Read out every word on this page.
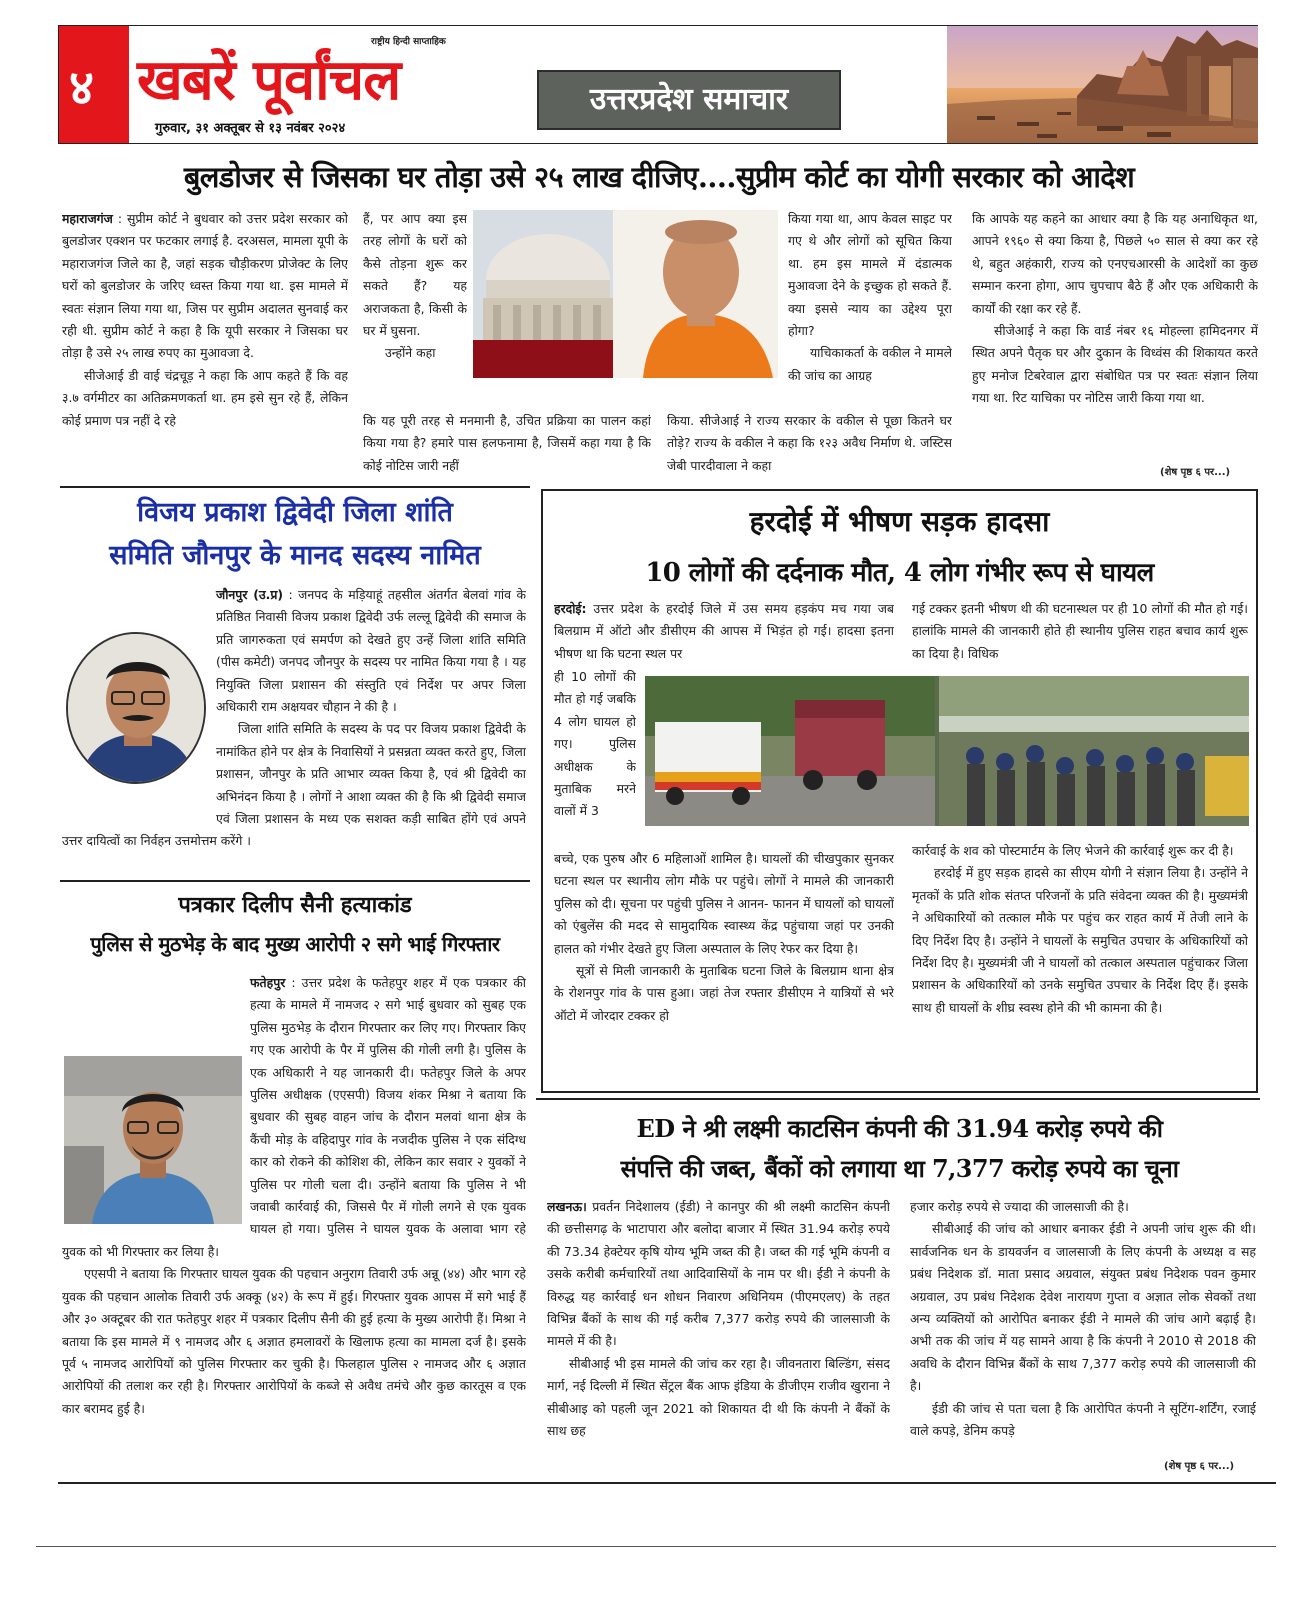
४
राष्ट्रीय हिन्दी साप्ताहिक
खबरें पूर्वांचल
गुरुवार, ३१ अक्तूबर से १३ नवंबर २०२४
उत्तरप्रदेश समाचार
बुलडोजर से जिसका घर तोड़ा उसे २५ लाख दीजिए....सुप्रीम कोर्ट का योगी सरकार को आदेश

महाराजगंज : सुप्रीम कोर्ट ने बुधवार को उत्तर प्रदेश सरकार को बुलडोजर एक्शन पर फटकार लगाई है. दरअसल, मामला यूपी के महाराजगंज जिले का है, जहां सड़क चौड़ीकरण प्रोजेक्ट के लिए घरों को बुलडोजर के जरिए ध्वस्त किया गया था. इस मामले में स्वतः संज्ञान लिया गया था, जिस पर सुप्रीम अदालत सुनवाई कर रही थी. सुप्रीम कोर्ट ने कहा है कि यूपी सरकार ने जिसका घर तोड़ा है उसे २५ लाख रुपए का मुआवजा दे.

सीजेआई डी वाई चंद्रचूड़ ने कहा कि आप कहते हैं कि वह ३.७ वर्गमीटर का अतिक्रमणकर्ता था. हम इसे सुन रहे हैं, लेकिन कोई प्रमाण पत्र नहीं दे रहे

हैं, पर आप क्या इस तरह लोगों के घरों को कैसे तोड़ना शुरू कर सकते हैं? यह अराजकता है, किसी के घर में घुसना.

उन्होंने कहा

कि यह पूरी तरह से मनमानी है, उचित प्रक्रिया का पालन कहां किया गया है? हमारे पास हलफनामा है, जिसमें कहा गया है कि कोई नोटिस जारी नहीं

किया गया था, आप केवल साइट पर गए थे और लोगों को सूचित किया था. हम इस मामले में दंडात्मक मुआवजा देने के इच्छुक हो सकते हैं. क्या इससे न्याय का उद्देश्य पूरा होगा?

याचिकाकर्ता के वकील ने मामले की जांच का आग्रह

किया. सीजेआई ने राज्य सरकार के वकील से पूछा कितने घर तोड़े? राज्य के वकील ने कहा कि १२३ अवैध निर्माण थे. जस्टिस जेबी पारदीवाला ने कहा

कि आपके यह कहने का आधार क्या है कि यह अनाधिकृत था, आपने १९६० से क्या किया है, पिछले ५० साल से क्या कर रहे थे, बहुत अहंकारी, राज्य को एनएचआरसी के आदेशों का कुछ सम्मान करना होगा, आप चुपचाप बैठे हैं और एक अधिकारी के कार्यों की रक्षा कर रहे हैं.

सीजेआई ने कहा कि वार्ड नंबर १६ मोहल्ला हामिदनगर में स्थित अपने पैतृक घर और दुकान के विध्वंस की शिकायत करते हुए मनोज टिबरेवाल द्वारा संबोधित पत्र पर स्वतः संज्ञान लिया गया था. रिट याचिका पर नोटिस जारी किया गया था.

(शेष पृष्ठ ६ पर...)
विजय प्रकाश द्विवेदी जिला शांति
समिति जौनपुर के मानद सदस्य नामित

जौनपुर (उ.प्र) : जनपद के मड़ियाहूं तहसील अंतर्गत बेलवां गांव के प्रतिष्ठित निवासी विजय प्रकाश द्विवेदी उर्फ लल्लू द्विवेदी की समाज के प्रति जागरुकता एवं समर्पण को देखते हुए उन्हें जिला शांति समिति (पीस कमेटी) जनपद जौनपुर के सदस्य पर नामित किया गया है । यह नियुक्ति जिला प्रशासन की संस्तुति एवं निर्देश पर अपर जिला अधिकारी राम अक्षयवर चौहान ने की है ।

जिला शांति समिति के सदस्य के पद पर विजय प्रकाश द्विवेदी के नामांकित होने पर क्षेत्र के निवासियों ने प्रसन्नता व्यक्त करते हुए, जिला प्रशासन, जौनपुर के प्रति आभार व्यक्त किया है, एवं श्री द्विवेदी का अभिनंदन किया है । लोगों ने आशा व्यक्त की है कि श्री द्विवेदी समाज एवं जिला प्रशासन के मध्य एक सशक्त कड़ी साबित होंगे एवं अपने उत्तर दायित्वों का निर्वहन उत्तमोत्तम करेंगे ।

पत्रकार दिलीप सैनी हत्याकांड
पुलिस से मुठभेड़ के बाद मुख्य आरोपी २ सगे भाई गिरफ्तार

फतेहपुर : उत्तर प्रदेश के फतेहपुर शहर में एक पत्रकार की हत्या के मामले में नामजद २ सगे भाई बुधवार को सुबह एक पुलिस मुठभेड़ के दौरान गिरफ्तार कर लिए गए। गिरफ्तार किए गए एक आरोपी के पैर में पुलिस की गोली लगी है। पुलिस के एक अधिकारी ने यह जानकारी दी। फतेहपुर जिले के अपर पुलिस अधीक्षक (एएसपी) विजय शंकर मिश्रा ने बताया कि बुधवार की सुबह वाहन जांच के दौरान मलवां थाना क्षेत्र के कैंची मोड़ के वहिदापुर गांव के नजदीक पुलिस ने एक संदिग्ध कार को रोकने की कोशिश की, लेकिन कार सवार २ युवकों ने पुलिस पर गोली चला दी। उन्होंने बताया कि पुलिस ने भी जवाबी कार्रवाई की, जिससे पैर में गोली लगने से एक युवक घायल हो गया। पुलिस ने घायल युवक के अलावा भाग रहे युवक को भी गिरफ्तार कर लिया है।

एएसपी ने बताया कि गिरफ्तार घायल युवक की पहचान अनुराग तिवारी उर्फ अन्नू (४४) और भाग रहे युवक की पहचान आलोक तिवारी उर्फ अक्कू (४२) के रूप में हुई। गिरफ्तार युवक आपस में सगे भाई हैं और ३० अक्टूबर की रात फतेहपुर शहर में पत्रकार दिलीप सैनी की हुई हत्या के मुख्य आरोपी हैं। मिश्रा ने बताया कि इस मामले में ९ नामजद और ६ अज्ञात हमलावरों के खिलाफ हत्या का मामला दर्ज है। इसके पूर्व ५ नामजद आरोपियों को पुलिस गिरफ्तार कर चुकी है। फिलहाल पुलिस २ नामजद और ६ अज्ञात आरोपियों की तलाश कर रही है। गिरफ्तार आरोपियों के कब्जे से अवैध तमंचे और कुछ कारतूस व एक कार बरामद हुई है।

हरदोई में भीषण सड़क हादसा
10 लोगों की दर्दनाक मौत, 4 लोग गंभीर रूप से घायल
हरदोई: उत्तर प्रदेश के हरदोई जिले में उस समय हड़कंप मच गया जब बिलग्राम में ऑटो और डीसीएम की आपस में भिड़ंत हो गई। हादसा इतना भीषण था कि घटना स्थल पर
ही 10 लोगों की मौत हो गई जबकि 4 लोग घायल हो गए। पुलिस अधीक्षक के मुताबिक मरने वालों में 3

बच्चे, एक पुरुष और 6 महिलाओं शामिल है। घायलों की चीखपुकार सुनकर घटना स्थल पर स्थानीय लोग मौके पर पहुंचे। लोगों ने मामले की जानकारी पुलिस को दी। सूचना पर पहुंची पुलिस ने आनन- फानन में घायलों को घायलों को एंबुलेंस की मदद से सामुदायिक स्वास्थ्य केंद्र पहुंचाया जहां पर उनकी हालत को गंभीर देखते हुए जिला अस्पताल के लिए रेफर कर दिया है।

सूत्रों से मिली जानकारी के मुताबिक घटना जिले के बिलग्राम थाना क्षेत्र के रोशनपुर गांव के पास हुआ। जहां तेज रफ्तार डीसीएम ने यात्रियों से भरे ऑटो में जोरदार टक्कर हो

गई टक्कर इतनी भीषण थी की घटनास्थल पर ही 10 लोगों की मौत हो गई। हालांकि मामले की जानकारी होते ही स्थानीय पुलिस राहत बचाव कार्य शुरू का दिया है। विधिक

कार्रवाई के शव को पोस्टमार्टम के लिए भेजने की कार्रवाई शुरू कर दी है।

हरदोई में हुए सड़क हादसे का सीएम योगी ने संज्ञान लिया है। उन्होंने ने मृतकों के प्रति शोक संतप्त परिजनों के प्रति संवेदना व्यक्त की है। मुख्यमंत्री ने अधिकारियों को तत्काल मौके पर पहुंच कर राहत कार्य में तेजी लाने के दिए निर्देश दिए है। उन्होंने ने घायलों के समुचित उपचार के अधिकारियों को निर्देश दिए है। मुख्यमंत्री जी ने घायलों को तत्काल अस्पताल पहुंचाकर जिला प्रशासन के अधिकारियों को उनके समुचित उपचार के निर्देश दिए हैं। इसके साथ ही घायलों के शीघ्र स्वस्थ होने की भी कामना की है।

ED ने श्री लक्ष्मी काटसिन कंपनी की 31.94 करोड़ रुपये की
संपत्ति की जब्त, बैंकों को लगाया था 7,377 करोड़ रुपये का चूना

लखनऊ। प्रवर्तन निदेशालय (ईडी) ने कानपुर की श्री लक्ष्मी काटसिन कंपनी की छत्तीसगढ़ के भाटापारा और बलोदा बाजार में स्थित 31.94 करोड़ रुपये की 73.34 हेक्टेयर कृषि योग्य भूमि जब्त की है। जब्त की गई भूमि कंपनी व उसके करीबी कर्मचारियों तथा आदिवासियों के नाम पर थी। ईडी ने कंपनी के विरुद्ध यह कार्रवाई धन शोधन निवारण अधिनियम (पीएमएलए) के तहत विभिन्न बैंकों के साथ की गई करीब 7,377 करोड़ रुपये की जालसाजी के मामले में की है।

सीबीआई भी इस मामले की जांच कर रहा है। जीवनतारा बिल्डिंग, संसद मार्ग, नई दिल्ली में स्थित सेंट्रल बैंक आफ इंडिया के डीजीएम राजीव खुराना ने सीबीआइ को पहली जून 2021 को शिकायत दी थी कि कंपनी ने बैंकों के साथ छह

हजार करोड़ रुपये से ज्यादा की जालसाजी की है।

सीबीआई की जांच को आधार बनाकर ईडी ने अपनी जांच शुरू की थी। सार्वजनिक धन के डायवर्जन व जालसाजी के लिए कंपनी के अध्यक्ष व सह प्रबंध निदेशक डॉ. माता प्रसाद अग्रवाल, संयुक्त प्रबंध निदेशक पवन कुमार अग्रवाल, उप प्रबंध निदेशक देवेश नारायण गुप्ता व अज्ञात लोक सेवकों तथा अन्य व्यक्तियों को आरोपित बनाकर ईडी ने मामले की जांच आगे बढ़ाई है। अभी तक की जांच में यह सामने आया है कि कंपनी ने 2010 से 2018 की अवधि के दौरान विभिन्न बैंकों के साथ 7,377 करोड़ रुपये की जालसाजी की है।

ईडी की जांच से पता चला है कि आरोपित कंपनी ने सूटिंग-शर्टिंग, रजाई वाले कपड़े, डेनिम कपड़े

(शेष पृष्ठ ६ पर...)
